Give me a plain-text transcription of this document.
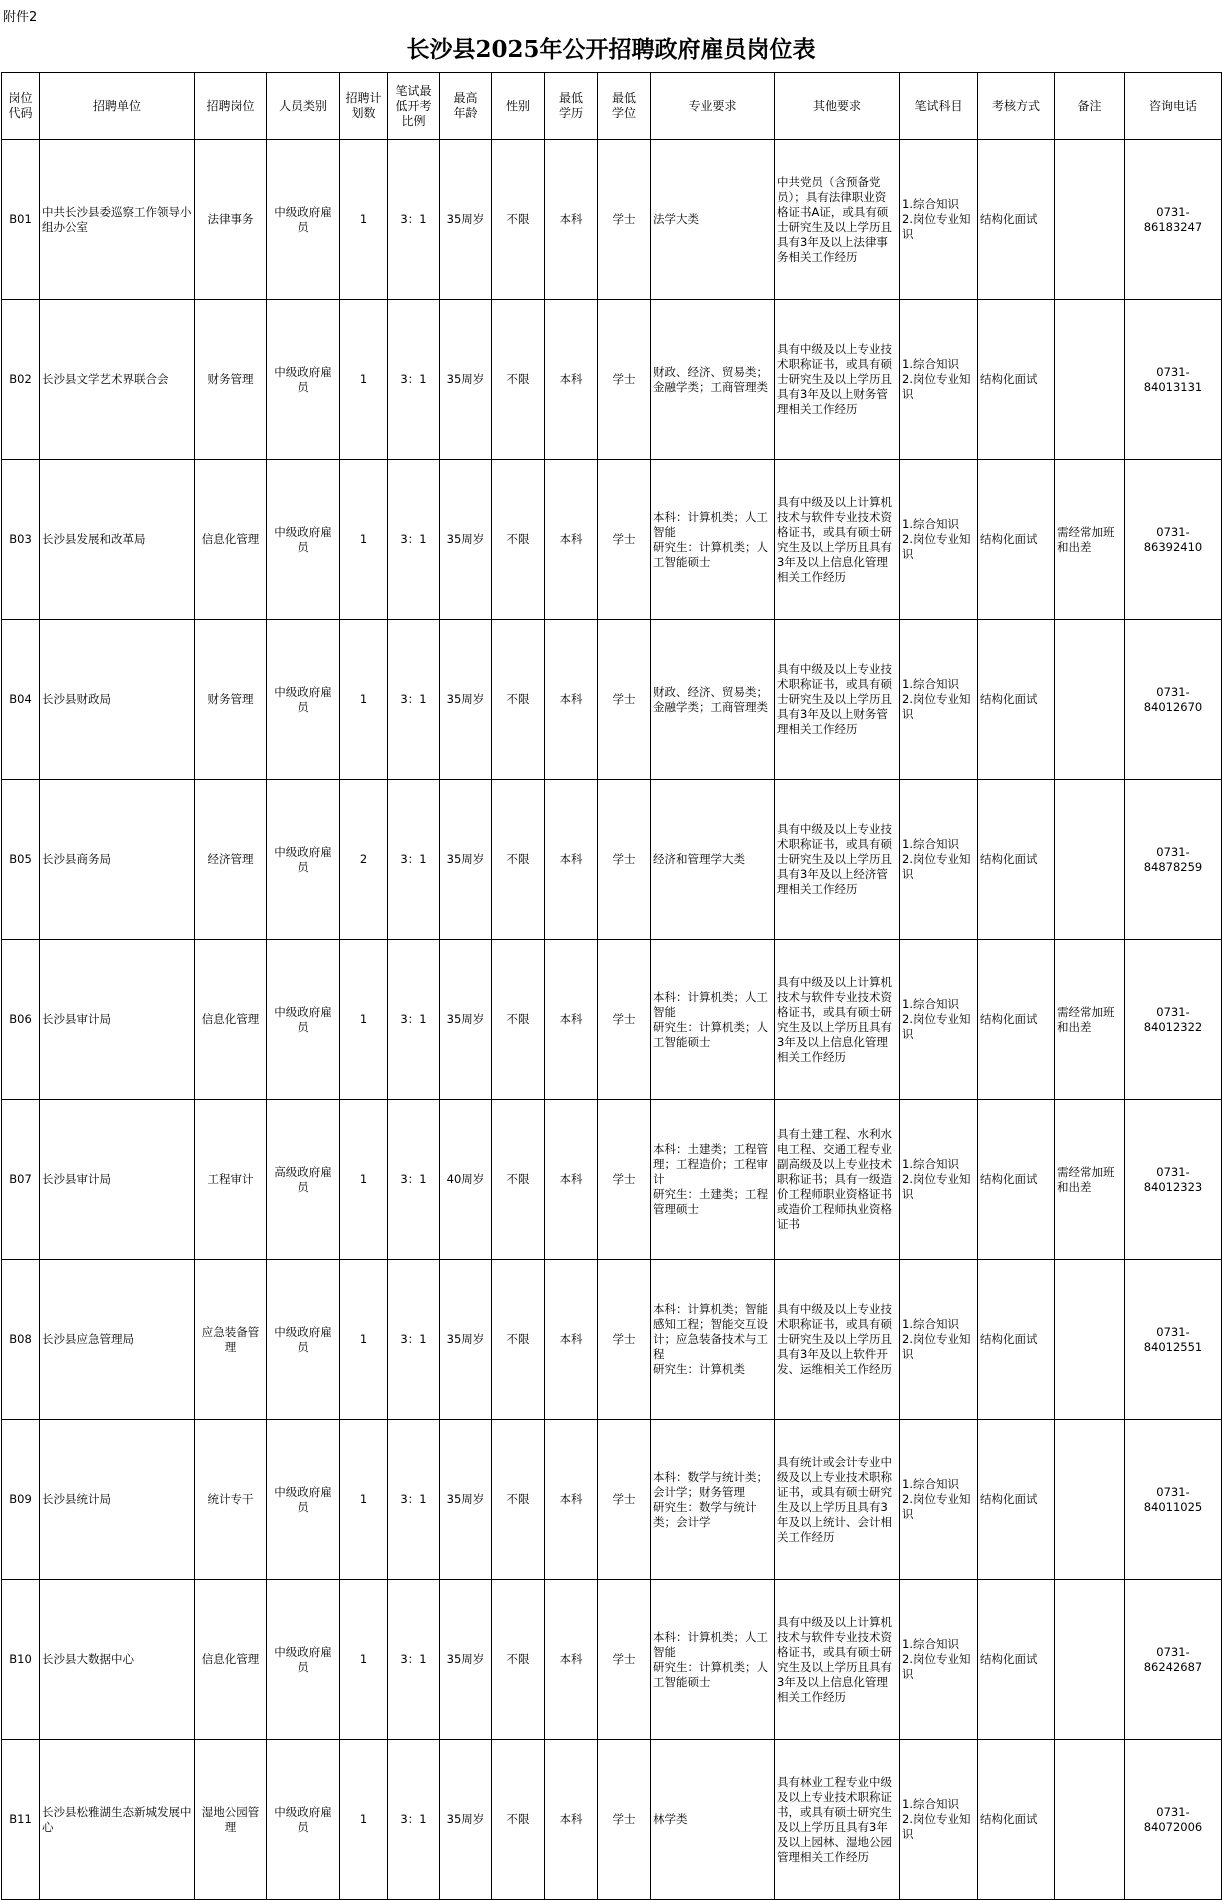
附件2
长沙县2025年公开招聘政府雇员岗位表
岗位
代码	招聘单位	招聘岗位	人员类别	招聘计
划数	笔试最
低开考
比例	最高
年龄	性别	最低
学历	最低
学位	专业要求	其他要求	笔试科目	考核方式	备注	咨询电话
B01	中共长沙县委巡察工作领导小组办公室	法律事务	中级政府雇员	1	3：1	35周岁	不限	本科	学士	法学大类	中共党员（含预备党员）；具有法律职业资格证书A证，或具有硕士研究生及以上学历且具有3年及以上法律事务相关工作经历	1.综合知识
2.岗位专业知识	结构化面试		0731-
86183247
B02	长沙县文学艺术界联合会	财务管理	中级政府雇员	1	3：1	35周岁	不限	本科	学士	财政、经济、贸易类；金融学类；工商管理类	具有中级及以上专业技术职称证书，或具有硕士研究生及以上学历且具有3年及以上财务管理相关工作经历	1.综合知识
2.岗位专业知识	结构化面试		0731-
84013131
B03	长沙县发展和改革局	信息化管理	中级政府雇员	1	3：1	35周岁	不限	本科	学士	本科：计算机类；人工智能
研究生：计算机类；人工智能硕士	具有中级及以上计算机技术与软件专业技术资格证书，或具有硕士研究生及以上学历且具有3年及以上信息化管理相关工作经历	1.综合知识
2.岗位专业知识	结构化面试	需经常加班和出差	0731-
86392410
B04	长沙县财政局	财务管理	中级政府雇员	1	3：1	35周岁	不限	本科	学士	财政、经济、贸易类；金融学类；工商管理类	具有中级及以上专业技术职称证书，或具有硕士研究生及以上学历且具有3年及以上财务管理相关工作经历	1.综合知识
2.岗位专业知识	结构化面试		0731-
84012670
B05	长沙县商务局	经济管理	中级政府雇员	2	3：1	35周岁	不限	本科	学士	经济和管理学大类	具有中级及以上专业技术职称证书，或具有硕士研究生及以上学历且具有3年及以上经济管理相关工作经历	1.综合知识
2.岗位专业知识	结构化面试		0731-
84878259
B06	长沙县审计局	信息化管理	中级政府雇员	1	3：1	35周岁	不限	本科	学士	本科：计算机类；人工智能
研究生：计算机类；人工智能硕士	具有中级及以上计算机技术与软件专业技术资格证书，或具有硕士研究生及以上学历且具有3年及以上信息化管理相关工作经历	1.综合知识
2.岗位专业知识	结构化面试	需经常加班和出差	0731-
84012322
B07	长沙县审计局	工程审计	高级政府雇员	1	3：1	40周岁	不限	本科	学士	本科：土建类；工程管理；工程造价；工程审计
研究生：土建类；工程管理硕士	具有土建工程、水利水电工程、交通工程专业副高级及以上专业技术职称证书；具有一级造价工程师职业资格证书或造价工程师执业资格证书	1.综合知识
2.岗位专业知识	结构化面试	需经常加班和出差	0731-
84012323
B08	长沙县应急管理局	应急装备管理	中级政府雇员	1	3：1	35周岁	不限	本科	学士	本科：计算机类；智能感知工程；智能交互设计；应急装备技术与工程
研究生：计算机类	具有中级及以上专业技术职称证书，或具有硕士研究生及以上学历且具有3年及以上软件开发、运维相关工作经历	1.综合知识
2.岗位专业知识	结构化面试		0731-
84012551
B09	长沙县统计局	统计专干	中级政府雇员	1	3：1	35周岁	不限	本科	学士	本科：数学与统计类；会计学；财务管理
研究生：数学与统计类；会计学	具有统计或会计专业中级及以上专业技术职称证书，或具有硕士研究生及以上学历且具有3年及以上统计、会计相关工作经历	1.综合知识
2.岗位专业知识	结构化面试		0731-
84011025
B10	长沙县大数据中心	信息化管理	中级政府雇员	1	3：1	35周岁	不限	本科	学士	本科：计算机类；人工智能
研究生：计算机类；人工智能硕士	具有中级及以上计算机技术与软件专业技术资格证书，或具有硕士研究生及以上学历且具有3年及以上信息化管理相关工作经历	1.综合知识
2.岗位专业知识	结构化面试		0731-
86242687
B11	长沙县松雅湖生态新城发展中心	湿地公园管理	中级政府雇员	1	3：1	35周岁	不限	本科	学士	林学类	具有林业工程专业中级及以上专业技术职称证书，或具有硕士研究生及以上学历且具有3年及以上园林、湿地公园管理相关工作经历	1.综合知识
2.岗位专业知识	结构化面试		0731-
84072006
